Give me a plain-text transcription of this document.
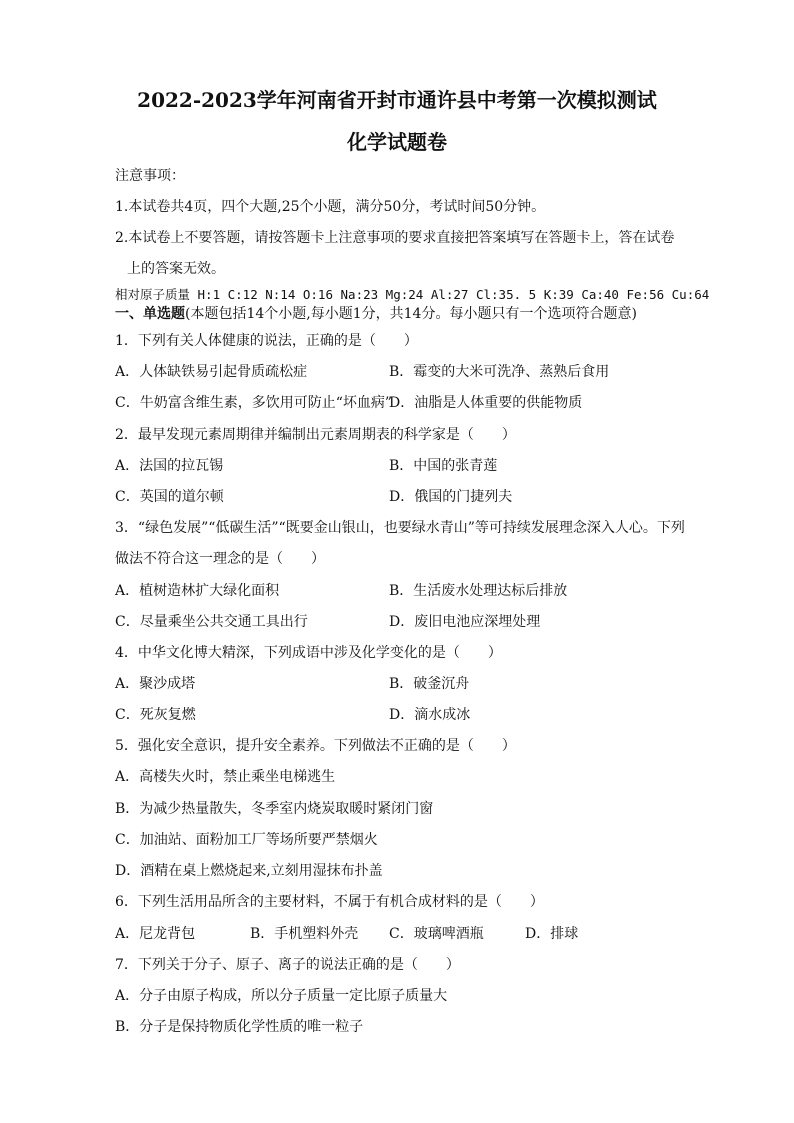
2022-2023学年河南省开封市通许县中考第一次模拟测试
化学试题卷
注意事项：
1.本试卷共4页，四个大题,25个小题，满分50分，考试时间50分钟。
2.本试卷上不要答题，请按答题卡上注意事项的要求直接把答案填写在答题卡上，答在试卷
上的答案无效。
相对原子质量 H:1 C:12 N:14 O:16 Na:23 Mg:24 Al:27 Cl:35. 5 K:39 Ca:40 Fe:56 Cu:64
一、单选题(本题包括14个小题,每小题1分，共14分。每小题只有一个选项符合题意)
1．下列有关人体健康的说法，正确的是（　　）
A．人体缺铁易引起骨质疏松症	B．霉变的大米可洗净、蒸熟后食用
C．牛奶富含维生素，多饮用可防止“坏血病”
D．油脂是人体重要的供能物质
2．最早发现元素周期律并编制出元素周期表的科学家是（　　）
A．法国的拉瓦锡	B．中国的张青莲
C．英国的道尔顿	D．俄国的门捷列夫
3．“绿色发展”“低碳生活”“既要金山银山，也要绿水青山”等可持续发展理念深入人心。下列
做法不符合这一理念的是（　　）
A．植树造林扩大绿化面积	B．生活废水处理达标后排放
C．尽量乘坐公共交通工具出行	D．废旧电池应深埋处理
4．中华文化博大精深，下列成语中涉及化学变化的是（　　）
A．聚沙成塔	B．破釜沉舟
C．死灰复燃	D．滴水成冰
5．强化安全意识，提升安全素养。下列做法不正确的是（　　）
A．高楼失火时，禁止乘坐电梯逃生
B．为减少热量散失，冬季室内烧炭取暖时紧闭门窗
C．加油站、面粉加工厂等场所要严禁烟火
D．酒精在桌上燃烧起来,立刻用湿抹布扑盖
6．下列生活用品所含的主要材料，不属于有机合成材料的是（　　）
A．尼龙背包	B．手机塑料外壳 C．玻璃啤酒瓶	D．排球
7．下列关于分子、原子、离子的说法正确的是（　　）
A．分子由原子构成，所以分子质量一定比原子质量大
B．分子是保持物质化学性质的唯一粒子
